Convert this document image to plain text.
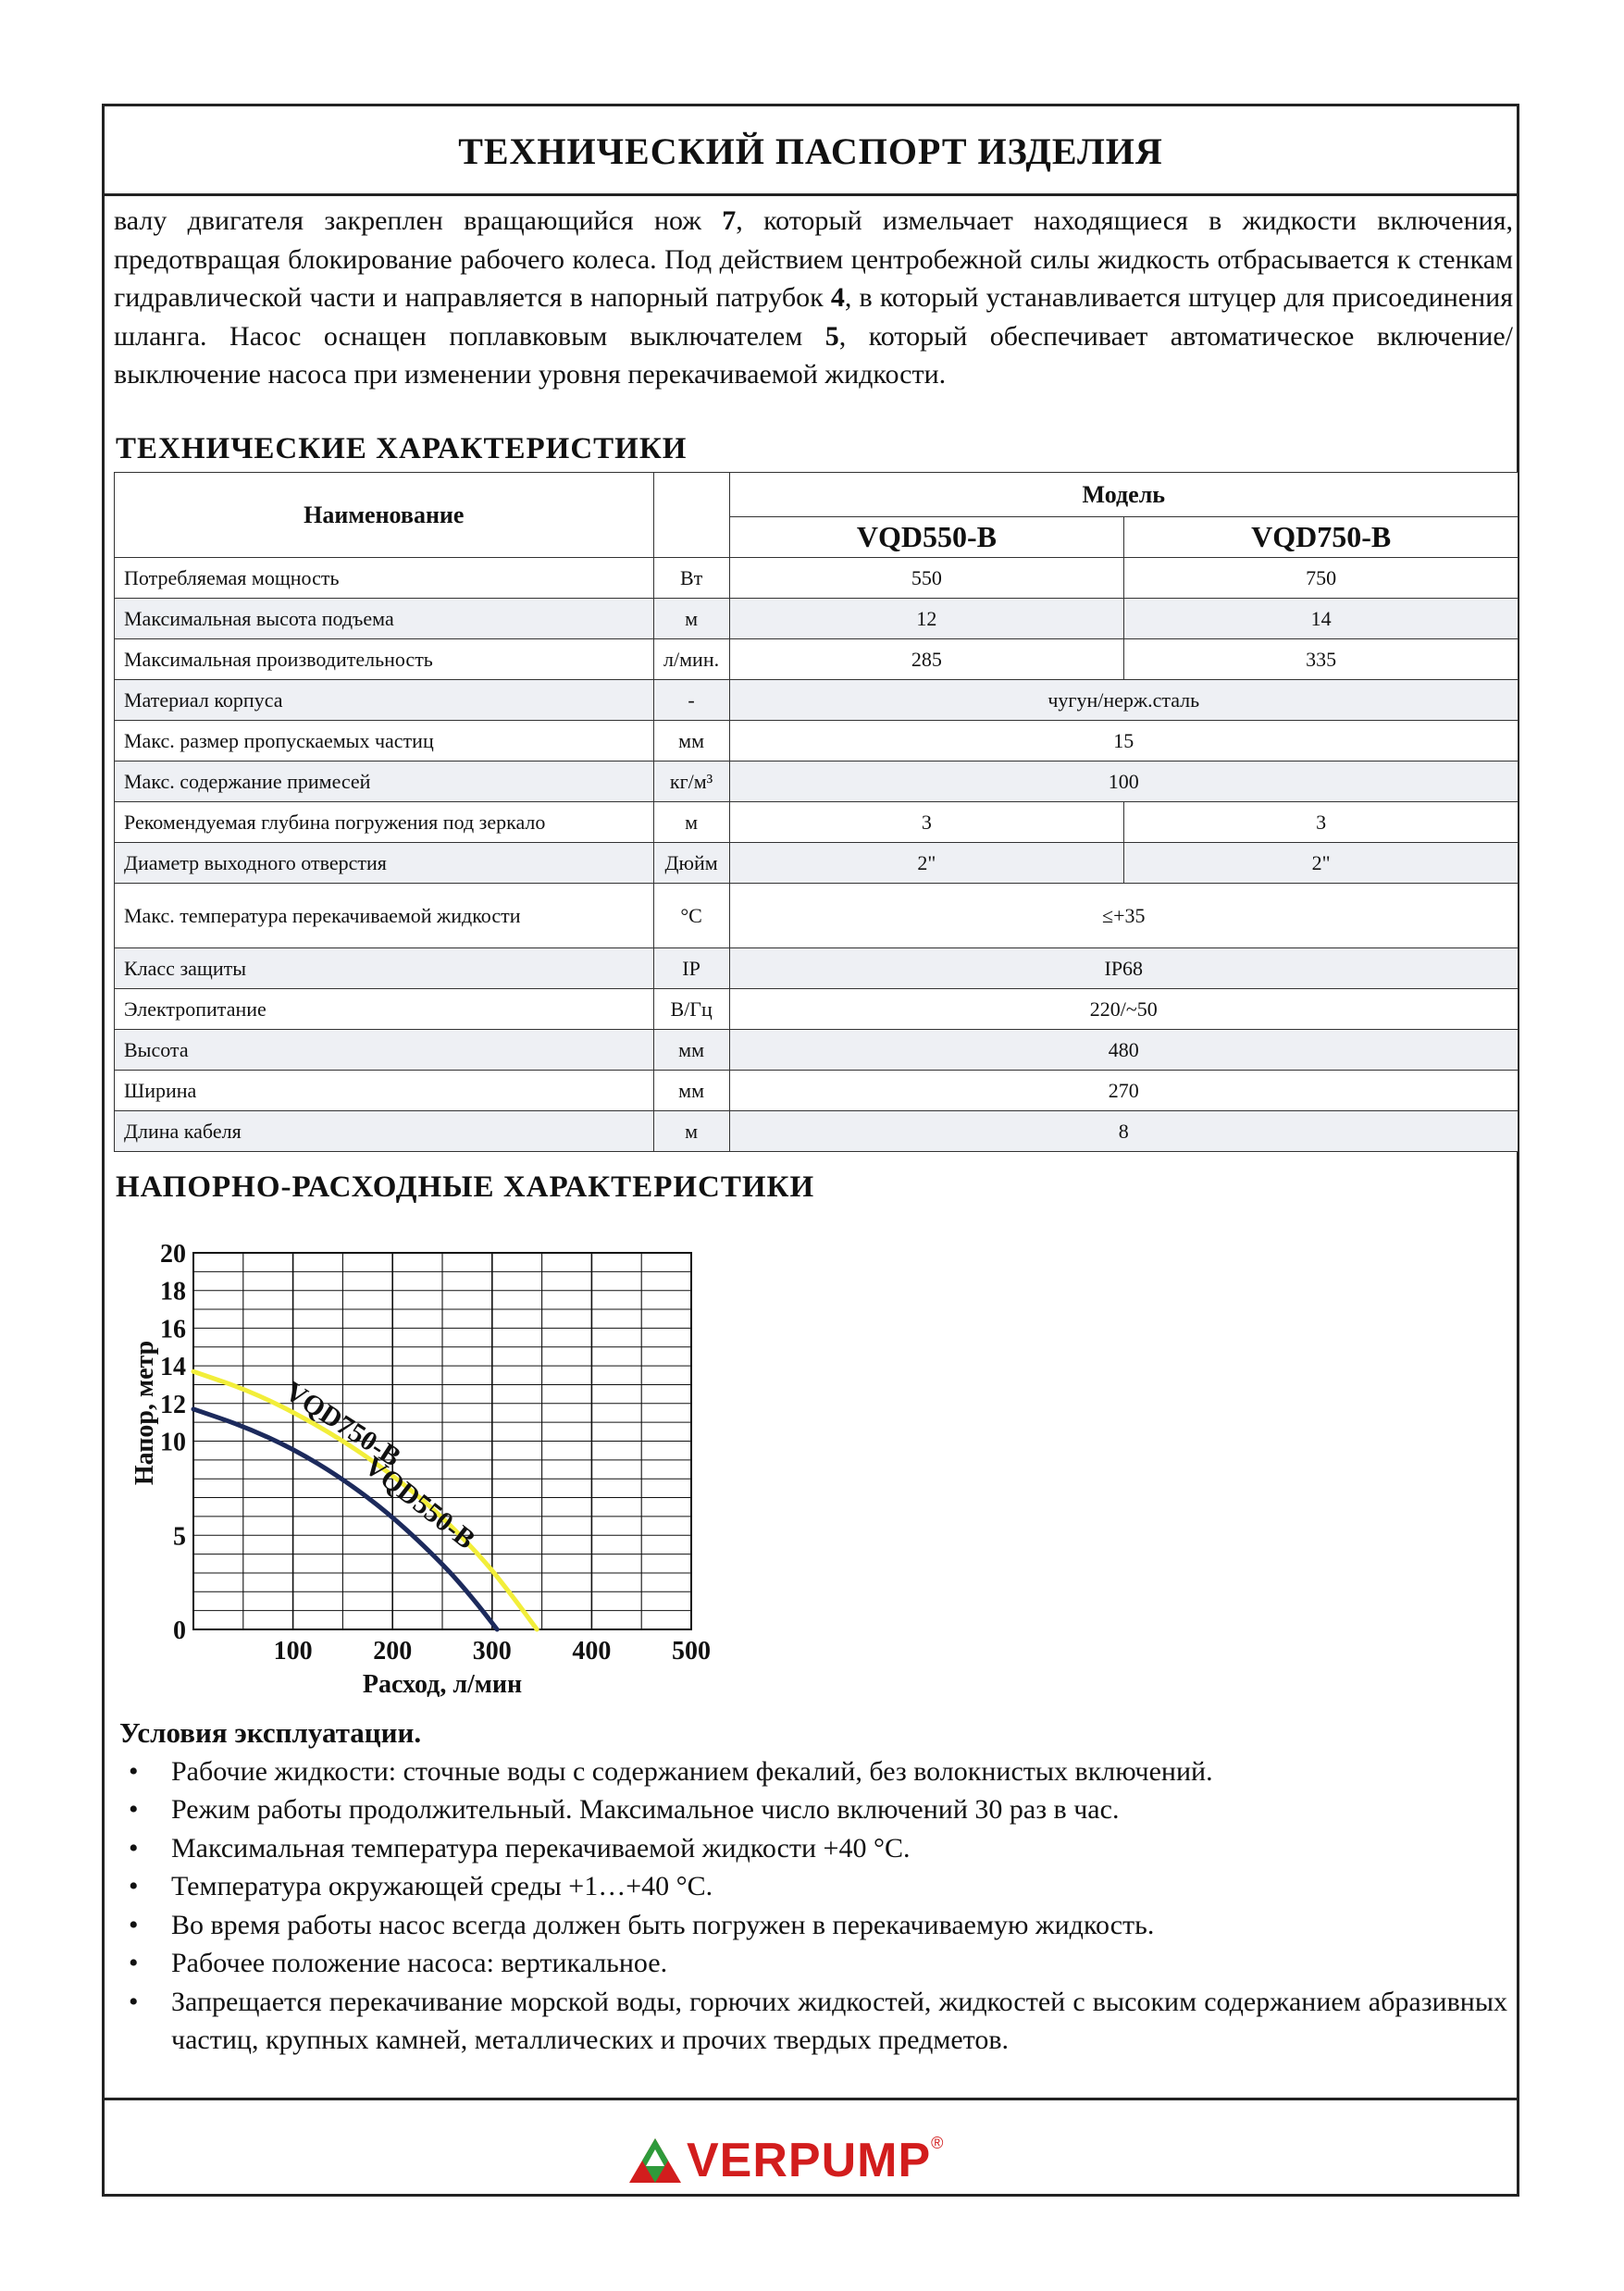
ТЕХНИЧЕСКИЙ ПАСПОРТ ИЗДЕЛИЯ

валу двигателя закреплен вращающийся нож 7, который измельчает находящиеся в жидкости включения, предотвращая блокирование рабочего колеса. Под действием центробежной силы жидкость отбрасывается к стенкам гидравлической части и направляется в напорный патрубок 4, в который устанавливается штуцер для присоединения шланга. Насос оснащен поплавковым выключателем 5, который обеспечивает автоматическое включение/ выключение насоса при изменении уровня перекачиваемой жидкости.

ТЕХНИЧЕСКИЕ ХАРАКТЕРИСТИКИ
Наименование		Модель	
		VQD550-B	VQD750-B
Потребляемая мощность	Вт	550	750
Максимальная высота подъема	м	12	14
Максимальная производительность	л/мин.	285	335
Материал корпуса	-	чугун/нерж.сталь	
Макс. размер пропускаемых частиц	мм	15	
Макс. содержание примесей	кг/м³	100	
Рекомендуемая глубина погружения под зеркало	м	3	3
Диаметр выходного отверстия	Дюйм	2"	2"
Макс. температура перекачиваемой жидкости	°C	≤+35	
Класс защиты	IP	IP68	
Электропитание	В/Гц	220/~50	
Высота	мм	480	
Ширина	мм	270	
Длина кабеля	м	8	
НАПОРНО-РАСХОДНЫЕ ХАРАКТЕРИСТИКИ
VQD750-B
VQD550-B
0
5
10
12
14
16
18
20
100 200 300 400 500
Расход, л/мин
Напор, метр
Условия эксплуатации.
• Рабочие жидкости: сточные воды с содержанием фекалий, без волокнистых включений.
• Режим работы продолжительный. Максимальное число включений 30 раз в час.
• Максимальная температура перекачиваемой жидкости +40 °C.
• Температура окружающей среды +1…+40 °C.
• Во время работы насос всегда должен быть погружен в перекачиваемую жидкость.
• Рабочее положение насоса: вертикальное.
• Запрещается перекачивание морской воды, горючих жидкостей, жидкостей с высоким содержанием абразивных частиц, крупных камней, металлических и прочих твердых предметов.
VERPUMP ®
